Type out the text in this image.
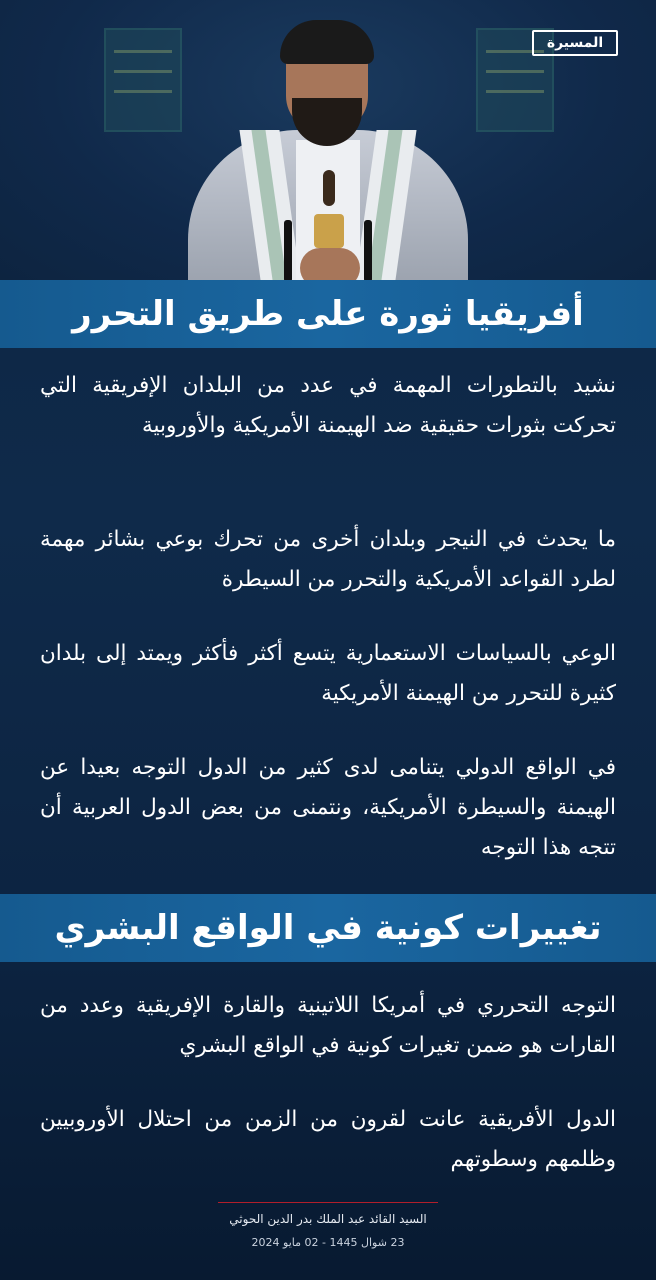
المسيرة
أفريقيا ثورة على طريق التحرر
نشيد بالتطورات المهمة في عدد من البلدان الإفريقية التي تحركت بثورات حقيقية ضد الهيمنة الأمريكية والأوروبية
ما يحدث في النيجر وبلدان أخرى من تحرك بوعي بشائر مهمة لطرد القواعد الأمريكية والتحرر من السيطرة
الوعي بالسياسات الاستعمارية يتسع أكثر فأكثر ويمتد إلى بلدان كثيرة للتحرر من الهيمنة الأمريكية
في الواقع الدولي يتنامى لدى كثير من الدول التوجه بعيدا عن الهيمنة والسيطرة الأمريكية، ونتمنى من بعض الدول العربية أن تتجه هذا التوجه
تغييرات كونية في الواقع البشري
التوجه التحرري في أمريكا اللاتينية والقارة الإفريقية وعدد من القارات هو ضمن تغيرات كونية في الواقع البشري
الدول الأفريقية عانت لقرون من الزمن من احتلال الأوروبيين وظلمهم وسطوتهم
السيد القائد عبد الملك بدر الدين الحوثي
23 شوال 1445 - 02 مايو 2024
